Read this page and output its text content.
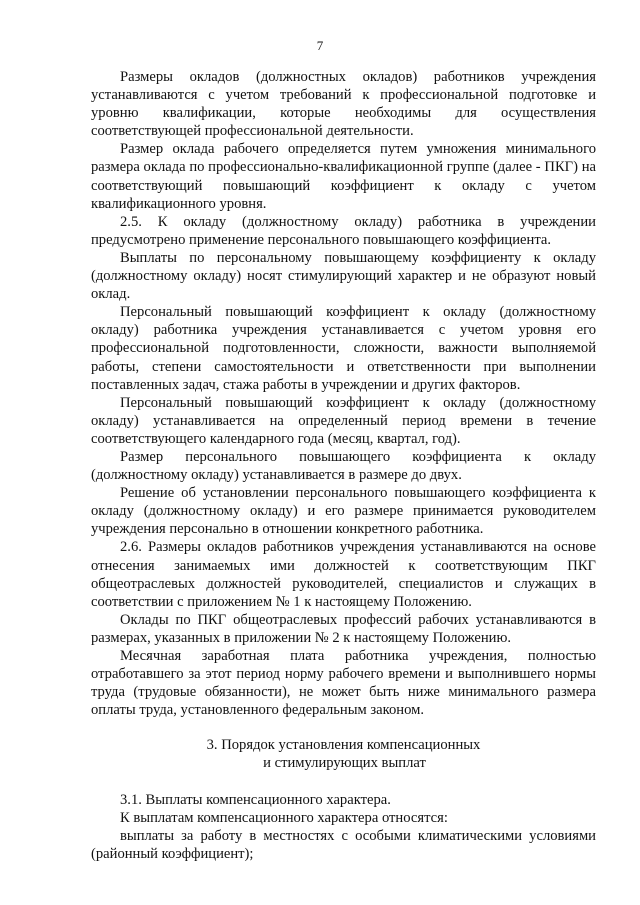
7

Размеры окладов (должностных окладов) работников учреждения устанавливаются с учетом требований к профессиональной подготовке и уровню квалификации, которые необходимы для осуществления соответствующей профессиональной деятельности.

Размер оклада рабочего определяется путем умножения минимального размера оклада по профессионально-квалификационной группе (далее - ПКГ) на соответствующий повышающий коэффициент к окладу с учетом квалификационного уровня.

2.5. К окладу (должностному окладу) работника в учреждении предусмотрено применение персонального повышающего коэффициента.

Выплаты по персональному повышающему коэффициенту к окладу (должностному окладу) носят стимулирующий характер и не образуют новый оклад.

Персональный повышающий коэффициент к окладу (должностному окладу) работника учреждения устанавливается с учетом уровня его профессиональной подготовленности, сложности, важности выполняемой работы, степени самостоятельности и ответственности при выполнении поставленных задач, стажа работы в учреждении и других факторов.

Персональный повышающий коэффициент к окладу (должностному окладу) устанавливается на определенный период времени в течение соответствующего календарного года (месяц, квартал, год).

Размер персонального повышающего коэффициента к окладу (должностному окладу) устанавливается в размере до двух.

Решение об установлении персонального повышающего коэффициента к окладу (должностному окладу) и его размере принимается руководителем учреждения персонально в отношении конкретного работника.

2.6. Размеры окладов работников учреждения устанавливаются на основе отнесения занимаемых ими должностей к соответствующим ПКГ общеотраслевых должностей руководителей, специалистов и служащих в соответствии с приложением № 1 к настоящему Положению.

Оклады по ПКГ общеотраслевых профессий рабочих устанавливаются в размерах, указанных в приложении № 2 к настоящему Положению.

Месячная заработная плата работника учреждения, полностью отработавшего за этот период норму рабочего времени и выполнившего нормы труда (трудовые обязанности), не может быть ниже минимального размера оплаты труда, установленного федеральным законом.

3. Порядок установления компенсационных
и стимулирующих выплат

3.1. Выплаты компенсационного характера.

К выплатам компенсационного характера относятся:

выплаты за работу в местностях с особыми климатическими условиями (районный коэффициент);
